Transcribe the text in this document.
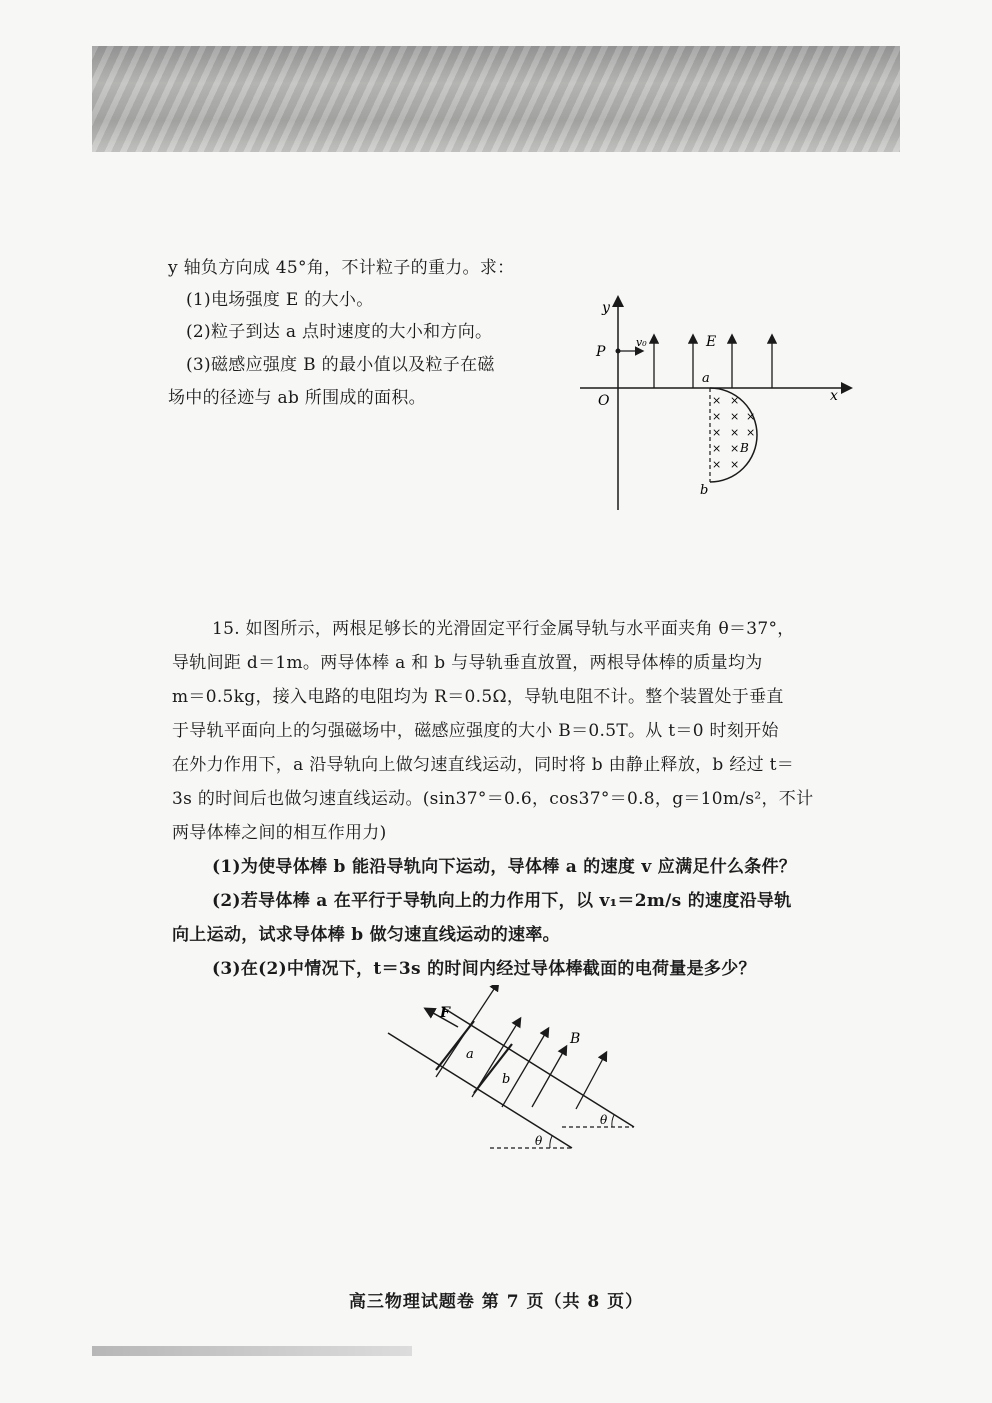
y 轴负方向成 45°角，不计粒子的重力。求：
(1)电场强度 E 的大小。
(2)粒子到达 a 点时速度的大小和方向。
(3)磁感应强度 B 的最小值以及粒子在磁
场中的径迹与 ab 所围成的面积。
y
x
O
P
v₀	E
a
× ×
× × ×
× × ×
× ×
× ×
B
b
15. 如图所示，两根足够长的光滑固定平行金属导轨与水平面夹角 θ＝37°，
导轨间距 d＝1m。两导体棒 a 和 b 与导轨垂直放置，两根导体棒的质量均为
m＝0.5kg，接入电路的电阻均为 R＝0.5Ω，导轨电阻不计。整个装置处于垂直
于导轨平面向上的匀强磁场中，磁感应强度的大小 B＝0.5T。从 t＝0 时刻开始
在外力作用下，a 沿导轨向上做匀速直线运动，同时将 b 由静止释放，b 经过 t＝
3s 的时间后也做匀速直线运动。(sin37°＝0.6，cos37°＝0.8，g＝10m/s²，不计
两导体棒之间的相互作用力)
(1)为使导体棒 b 能沿导轨向下运动，导体棒 a 的速度 v 应满足什么条件？
(2)若导体棒 a 在平行于导轨向上的力作用下，以 v₁＝2m/s 的速度沿导轨
向上运动，试求导体棒 b 做匀速直线运动的速率。
(3)在(2)中情况下，t＝3s 的时间内经过导体棒截面的电荷量是多少？
θ
θ
F
a
b
B
高三物理试题卷 第 7 页（共 8 页）
